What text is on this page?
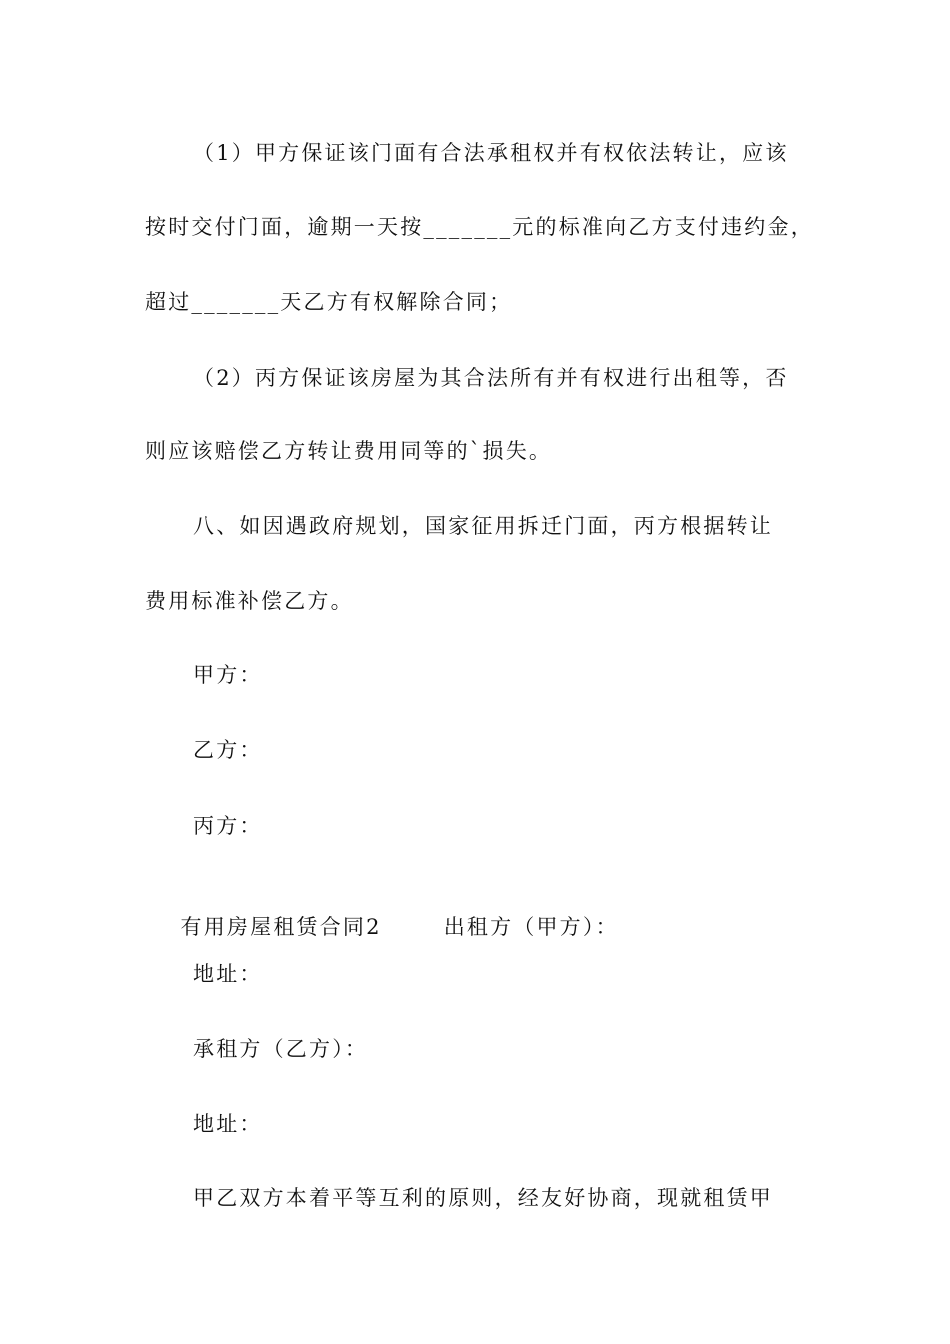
（1）甲方保证该门面有合法承租权并有权依法转让，应该
按时交付门面，逾期一天按_______元的标准向乙方支付违约金，
超过_______天乙方有权解除合同；
（2）丙方保证该房屋为其合法所有并有权进行出租等，否
则应该赔偿乙方转让费用同等的`损失。
八、如因遇政府规划，国家征用拆迁门面，丙方根据转让
费用标准补偿乙方。
甲方：
乙方：
丙方：

有用房屋租赁合同2	出租方（甲方）：

地址：
承租方（乙方）：
地址：
甲乙双方本着平等互利的原则，经友好协商，现就租赁甲
